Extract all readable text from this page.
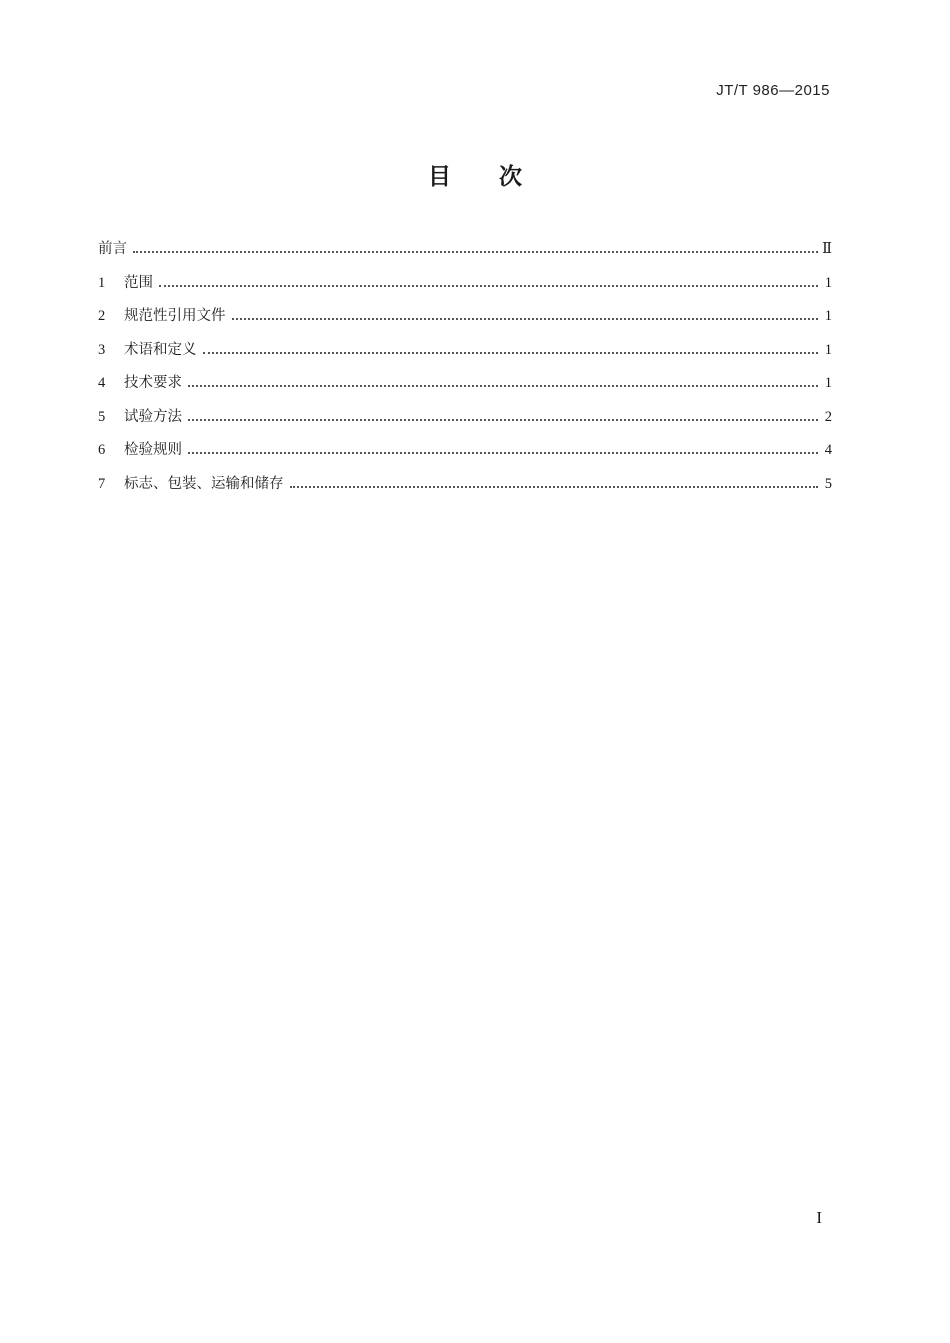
JT/T 986—2015
目 次
前言	Ⅱ
1	范围	1
2	规范性引用文件	1
3	术语和定义	1
4	技术要求	1
5	试验方法	2
6	检验规则	4
7	标志、包装、运输和储存	5
I
